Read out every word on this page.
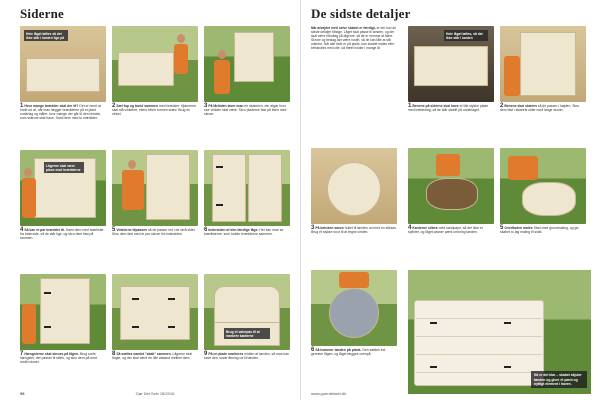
Siderne
Hele låget løftes så det ikke står i kanten lige på
1Hvor mange brædder skal der til? Det er nemt at finde ud af, når man lægger brædderne på et plant underlag og måler, hvor mange der går til den bredde, som siderne skal have. Saml dem med to tværlister.
2Sæt top og bund sammen med brædder. Hjørnerne skal stå vinkelret, ellers bliver formen skæv. Brug en vinkel.
3På lårbiden laver man en skabelon, der afgør hvor stor vinklen skal være. Skru pladerne fast på lisen med skruer.
Lågerne skal være plane med brædderne
4Så kan et par brædder til. Saml dem med tværlister fra inderside, så de står lige, og skru dem fast på rammen.
5Vinklerne tilpasses så de passer ind i de skrå sider. Skru dem fast med et par skruer fra indersiden.
6Indersiden af den færdige låge. Her kan man se tværlisterne, som holder brædderne sammen.
7Hængslerne skal skrues på lågen. Brug sorte hængsler, der passer til stilen, og skru dem på med rustfri skruer.
8Så sættes samlet "skab" sammen. Lågerne skal flugte, og der skal være en lille afstand mellem dem.
Brug et vaterpas til at markere kanterne
9På en plade markeres midten af tønden, så man kan save den runde åbning ud til tønden.
98	Gør Det Selv 15/2016
De sidste detaljer
Når arbejdet med selve skabet er færdigt, er der kun de sidste detaljer tilbage. Låget skal passe til tønden, og der skal være håndtag på lågerne, så de er nemme at åbne. Skruer og beslag bør være rustfri, så de kan tåle at stå udenfor. Når alle dele er på plads, kan skabet males eller behandles med olie, så træet holder i mange år.
Hele låget løftes, så det ikke står i kanten
1Benene på siderne skal have et lille stykke plade med træbeslag, så de står stabilt på underlaget.
2Benene skal skæres så de passer i højden. Skru dem fast i skabets sider med lange skruer.
3På bænken saves hullet til tønden ud med en stiksav. Brug et stykke snor til at tegne cirklen.
4Kanterne slibes med sandpapir, så der ikke er splinter, og låget passer pænt omkring tønden.
5Overfladen males Start med grundmaling, og giv skabet to lag maling til sidst.
6Så kommer tønden på plads. Den sættes ind gennem lågen, og låget lægges ovenpå.
Så er det klar – skabet skjuler tønden og giver et pænt og nyttigt element i haven.
www.goerdetselv.dk
